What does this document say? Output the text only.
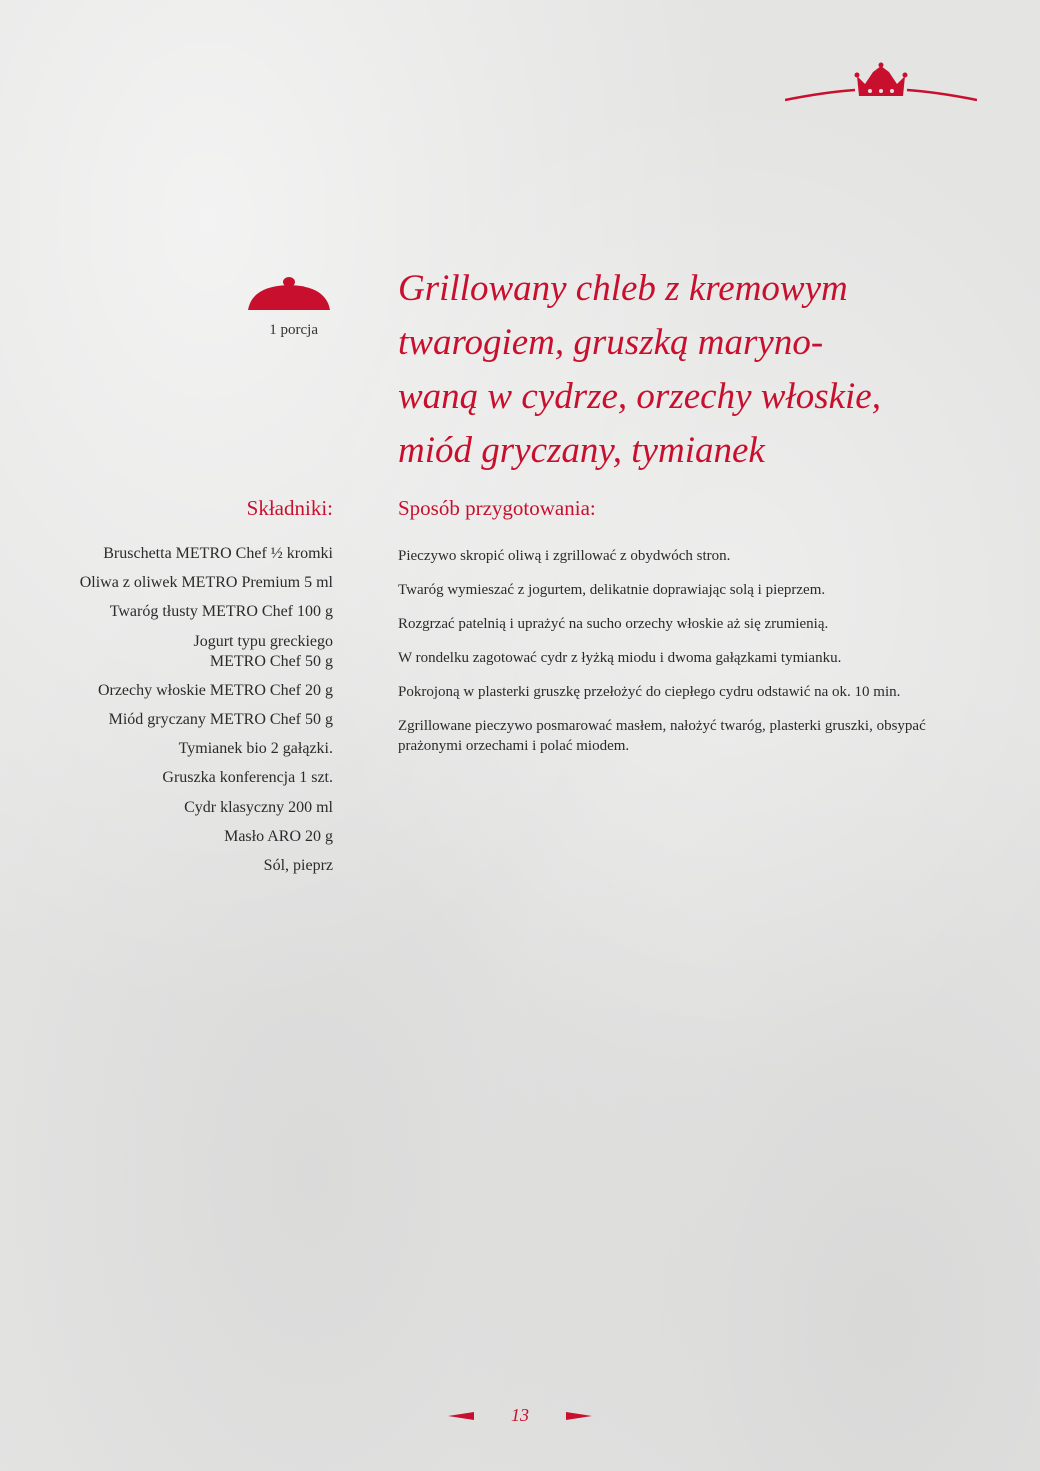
1 porcja
Grillowany chleb z kremowym
twarogiem, gruszką maryno-
waną w cydrze, orzechy włoskie,
miód gryczany, tymianek
Składniki:
Bruschetta METRO Chef ½ kromki
Oliwa z oliwek METRO Premium 5 ml
Twaróg tłusty METRO Chef 100 g
Jogurt typu greckiego
METRO Chef 50 g
Orzechy włoskie METRO Chef 20 g
Miód gryczany METRO Chef 50 g
Tymianek bio 2 gałązki.
Gruszka konferencja 1 szt.
Cydr klasyczny 200 ml
Masło ARO 20 g
Sól, pieprz
Sposób przygotowania:
Pieczywo skropić oliwą i zgrillować z obydwóch stron.
Twaróg wymieszać z jogurtem, delikatnie doprawiając solą i pieprzem.
Rozgrzać patelnią i uprażyć na sucho orzechy włoskie aż się zrumienią.
W rondelku zagotować cydr z łyżką miodu i dwoma gałązkami tymianku.
Pokrojoną w plasterki gruszkę przełożyć do ciepłego cydru odstawić na ok. 10 min.
Zgrillowane pieczywo posmarować masłem, nałożyć twaróg, plasterki gruszki, obsypać prażonymi orzechami i polać miodem.
13
